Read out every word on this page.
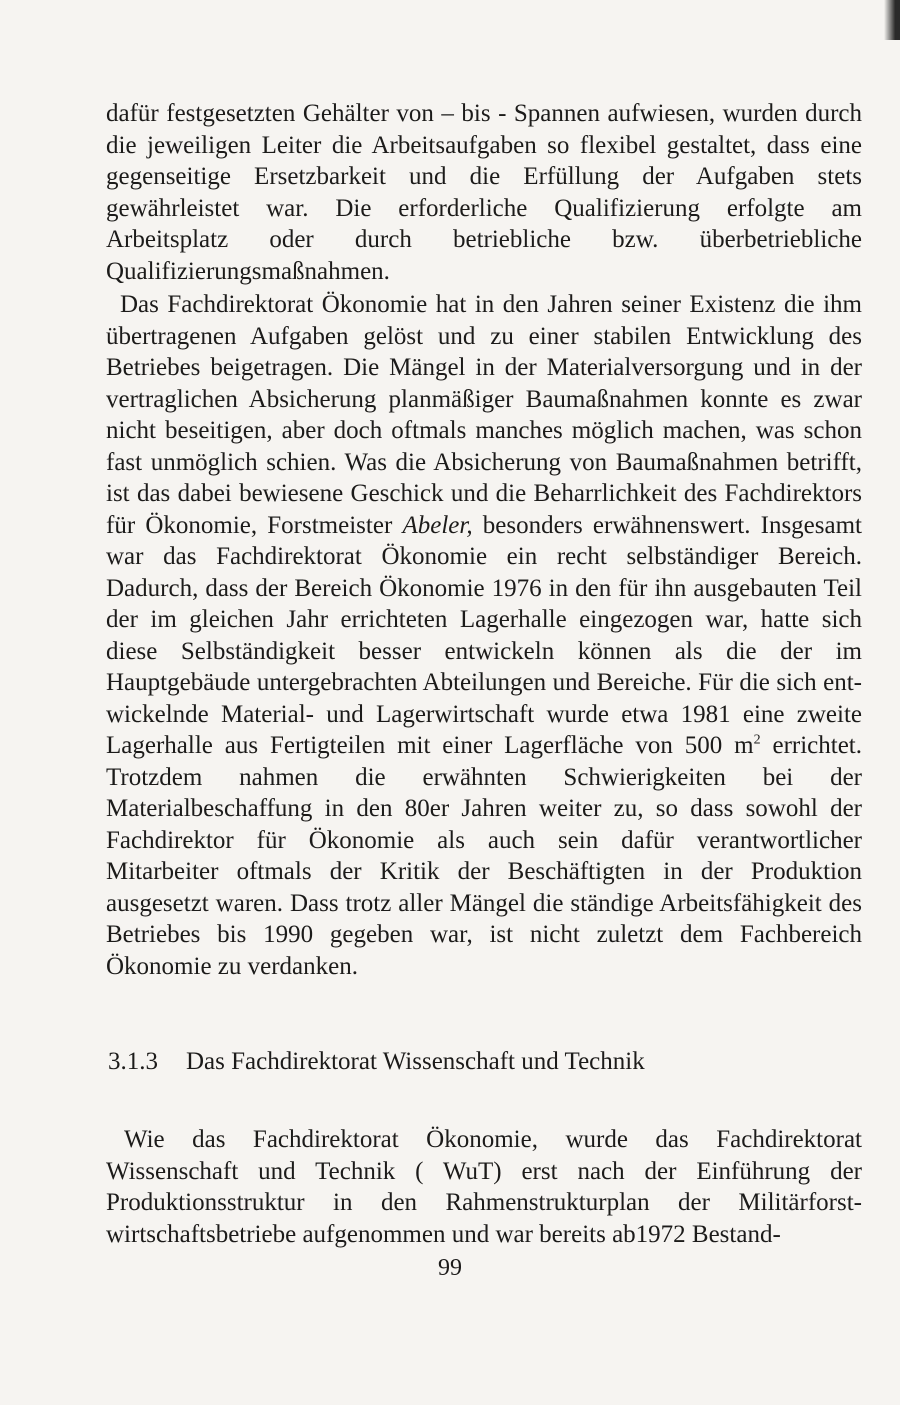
dafür festgesetzten Gehälter von – bis - Spannen aufwiesen, wurden durch die jeweiligen Leiter die Arbeitsaufgaben so flexibel gestaltet, dass eine gegenseitige Ersetzbarkeit und die Erfüllung der Aufgaben stets gewährleistet war. Die erforderliche Qualifizierung erfolgte am Arbeitsplatz oder durch betriebliche bzw. überbetriebliche Qualifizierungsmaßnahmen.

Das Fachdirektorat Ökonomie hat in den Jahren seiner Existenz die ihm übertragenen Aufgaben gelöst und zu einer stabilen Entwicklung des Betriebes beigetragen. Die Mängel in der Materialversorgung und in der vertraglichen Absicherung planmäßiger Baumaßnahmen konnte es zwar nicht beseitigen, aber doch oftmals manches möglich machen, was schon fast unmöglich schien. Was die Absicherung von Baumaßnahmen betrifft, ist das dabei bewiesene Geschick und die Beharrlichkeit des Fachdirektors für Ökonomie, Forstmeister Abeler, besonders erwähnenswert. Insgesamt war das Fachdirektorat Ökonomie ein recht selbständiger Bereich. Dadurch, dass der Bereich Ökonomie 1976 in den für ihn ausgebauten Teil der im gleichen Jahr errichteten Lagerhalle eingezogen war, hatte sich diese Selbständigkeit besser entwickeln können als die der im Hauptgebäude untergebrachten Abteilungen und Bereiche. Für die sich entwickelnde Material- und Lagerwirtschaft wurde etwa 1981 eine zweite Lagerhalle aus Fertigteilen mit einer Lagerfläche von 500 $m^2$ errichtet. Trotzdem nahmen die erwähnten Schwierigkeiten bei der Materialbeschaffung in den 80er Jahren weiter zu, so dass sowohl der Fachdirektor für Ökonomie als auch sein dafür verantwortlicher Mitarbeiter oftmals der Kritik der Beschäftigten in der Produktion ausgesetzt waren. Dass trotz aller Mängel die ständige Arbeitsfähigkeit des Betriebes bis 1990 gegeben war, ist nicht zuletzt dem Fachbereich Ökonomie zu verdanken.

3.1.3 Das Fachdirektorat Wissenschaft und Technik

Wie das Fachdirektorat Ökonomie, wurde das Fachdirektorat Wissenschaft und Technik ( WuT) erst nach der Einführung der Produktionsstruktur in den Rahmenstrukturplan der Militärforstwirtschaftsbetriebe aufgenommen und war bereits ab1972 Bestand-

99
